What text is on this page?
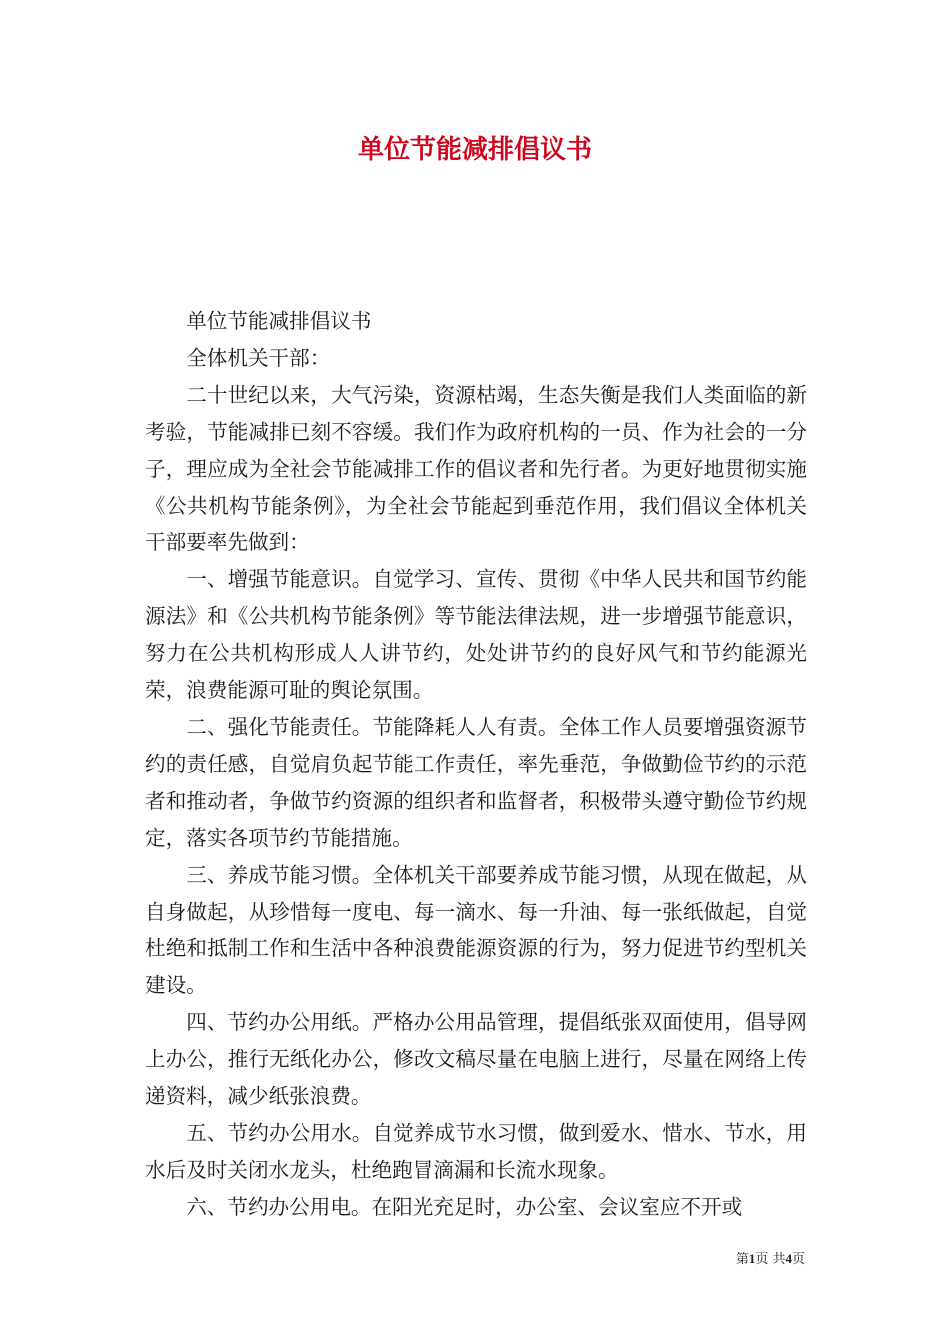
单位节能减排倡议书

单位节能减排倡议书

全体机关干部：

二十世纪以来，大气污染，资源枯竭，生态失衡是我们人类面临的新考验，节能减排已刻不容缓。我们作为政府机构的一员、作为社会的一分子，理应成为全社会节能减排工作的倡议者和先行者。为更好地贯彻实施《公共机构节能条例》，为全社会节能起到垂范作用，我们倡议全体机关干部要率先做到：

一、增强节能意识。自觉学习、宣传、贯彻《中华人民共和国节约能源法》和《公共机构节能条例》等节能法律法规，进一步增强节能意识，努力在公共机构形成人人讲节约，处处讲节约的良好风气和节约能源光荣，浪费能源可耻的舆论氛围。

二、强化节能责任。节能降耗人人有责。全体工作人员要增强资源节约的责任感，自觉肩负起节能工作责任，率先垂范，争做勤俭节约的示范者和推动者，争做节约资源的组织者和监督者，积极带头遵守勤俭节约规定，落实各项节约节能措施。

三、养成节能习惯。全体机关干部要养成节能习惯，从现在做起，从自身做起，从珍惜每一度电、每一滴水、每一升油、每一张纸做起，自觉杜绝和抵制工作和生活中各种浪费能源资源的行为，努力促进节约型机关建设。

四、节约办公用纸。严格办公用品管理，提倡纸张双面使用，倡导网上办公，推行无纸化办公，修改文稿尽量在电脑上进行，尽量在网络上传递资料，减少纸张浪费。

五、节约办公用水。自觉养成节水习惯，做到爱水、惜水、节水，用水后及时关闭水龙头，杜绝跑冒滴漏和长流水现象。

六、节约办公用电。在阳光充足时，办公室、会议室应不开或

第1页 共4页
